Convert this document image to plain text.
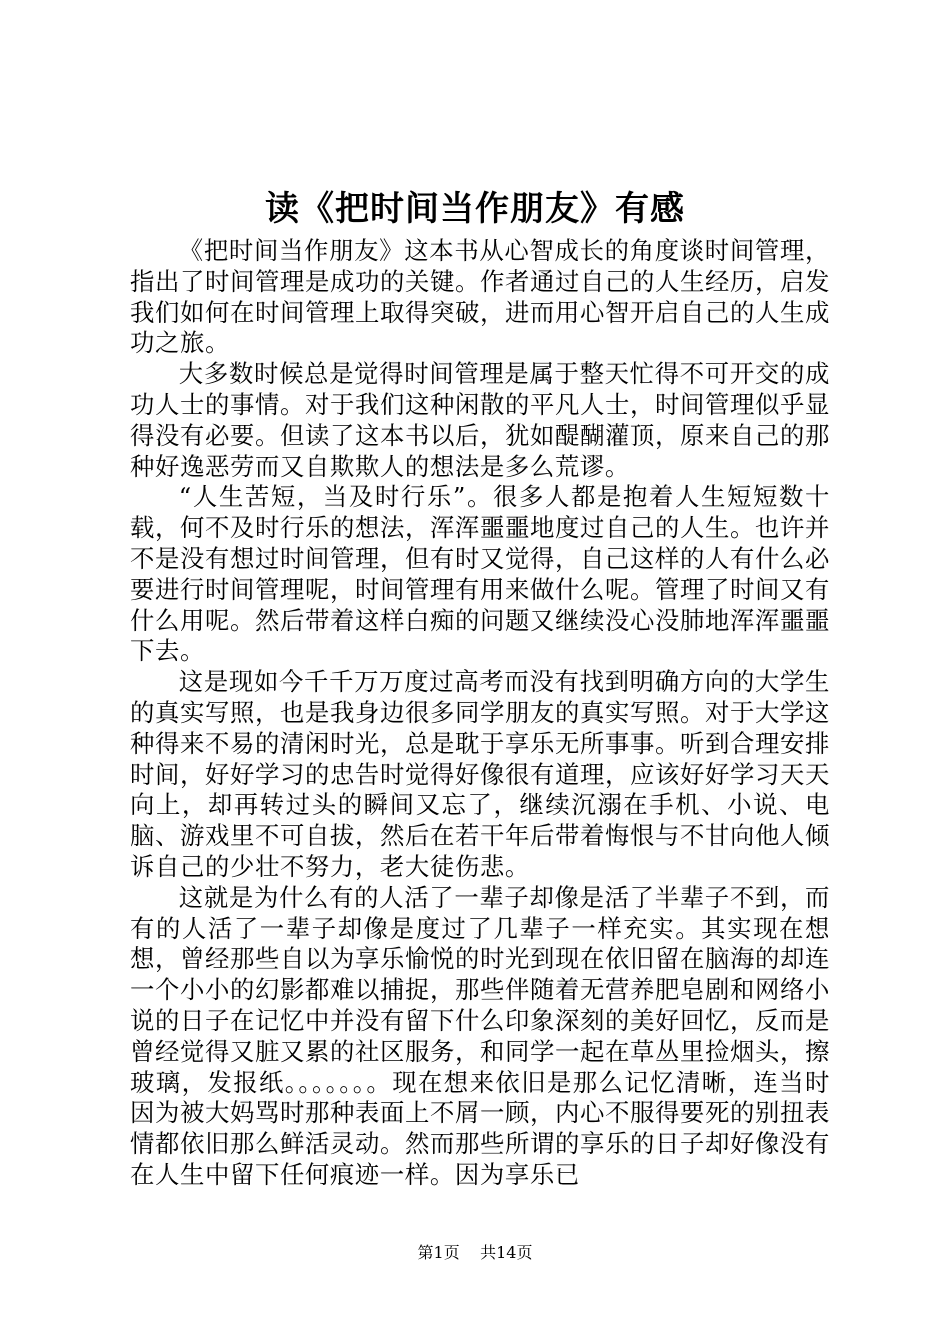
读《把时间当作朋友》有感

《把时间当作朋友》这本书从心智成长的角度谈时间管理，指出了时间管理是成功的关键。作者通过自己的人生经历，启发我们如何在时间管理上取得突破，进而用心智开启自己的人生成功之旅。

大多数时候总是觉得时间管理是属于整天忙得不可开交的成功人士的事情。对于我们这种闲散的平凡人士，时间管理似乎显得没有必要。但读了这本书以后，犹如醍醐灌顶，原来自己的那种好逸恶劳而又自欺欺人的想法是多么荒谬。

“人生苦短，当及时行乐”。很多人都是抱着人生短短数十载，何不及时行乐的想法，浑浑噩噩地度过自己的人生。也许并不是没有想过时间管理，但有时又觉得，自己这样的人有什么必要进行时间管理呢，时间管理有用来做什么呢。管理了时间又有什么用呢。然后带着这样白痴的问题又继续没心没肺地浑浑噩噩下去。

这是现如今千千万万度过高考而没有找到明确方向的大学生的真实写照，也是我身边很多同学朋友的真实写照。对于大学这种得来不易的清闲时光，总是耽于享乐无所事事。听到合理安排时间，好好学习的忠告时觉得好像很有道理，应该好好学习天天向上，却再转过头的瞬间又忘了，继续沉溺在手机、小说、电脑、游戏里不可自拔，然后在若干年后带着悔恨与不甘向他人倾诉自己的少壮不努力，老大徒伤悲。

这就是为什么有的人活了一辈子却像是活了半辈子不到，而有的人活了一辈子却像是度过了几辈子一样充实。其实现在想想，曾经那些自以为享乐愉悦的时光到现在依旧留在脑海的却连一个小小的幻影都难以捕捉，那些伴随着无营养肥皂剧和网络小说的日子在记忆中并没有留下什么印象深刻的美好回忆，反而是曾经觉得又脏又累的社区服务，和同学一起在草丛里捡烟头，擦玻璃，发报纸。。。。。。。现在想来依旧是那么记忆清晰，连当时因为被大妈骂时那种表面上不屑一顾，内心不服得要死的别扭表情都依旧那么鲜活灵动。然而那些所谓的享乐的日子却好像没有在人生中留下任何痕迹一样。因为享乐已

第1页 共14页
